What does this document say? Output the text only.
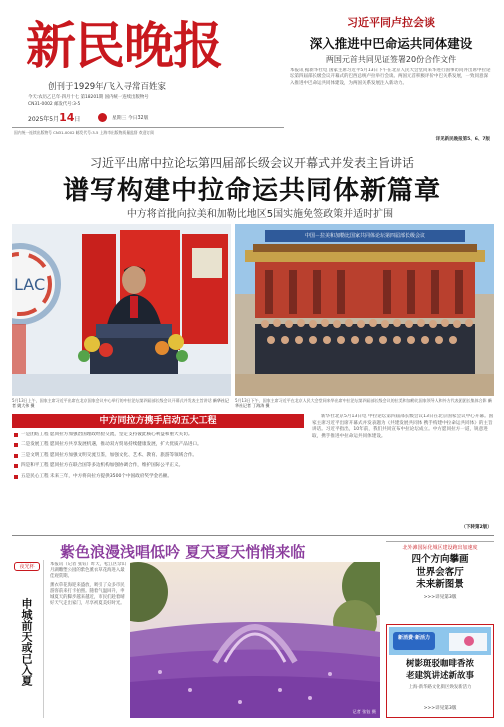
新民晚报
创刊于1929年/飞入寻常百姓家
今天:农历乙巳年·四月十七 第18201期 国内统一连续出版物号
CN31-0002 邮发代号:3-5
2025年5月14日	星期三 今日32版
国内统一连续出版物号 CN31-0002 邮发代号:3-5 上海市出版物质量监督 欢迎订阅
习近平同卢拉会谈
深入推进中巴命运共同体建设
两国元首共同见证签署20份合作文件
本报讯 据新华社电 国家主席习近平5月13日下午在北京人民大会堂同来华进行国事访问并出席中拉论坛第四届部长级会议开幕式的巴西总统卢拉举行会谈。两国元首积极评价中巴关系发展，一致同意深入推进中巴命运共同体建设，为两国关系发展注入新动力。
详见新民晚报第5、6、7版
习近平出席中拉论坛第四届部长级会议开幕式并发表主旨讲话
谱写构建中拉命运共同体新篇章
中方将首批向拉美和加勒比地区5国实施免签政策并适时扩围
LAC
中国－拉美和加勒比国家共同体论坛第四届部长级会议
5月13日上午，国家主席习近平出席在北京国家会议中心举行的中拉论坛第四届部长级会议开幕式并发表主旨讲话 新华社记者 姚大伟 摄
5月13日下午，国家主席习近平在北京人民大会堂同来华出席中拉论坛第四届部长级会议的拉美和加勒比国家领导人和外方代表团团长集体合影 新华社记者 丁海涛 摄
中方同拉方携手启动五大工程
一是团结工程 愿同拉方加强治国理政经验交流，坚定支持彼此核心利益和重大关切。
二是发展工程 愿同拉方共享发展机遇，推动双方贸易持续健康发展，扩大优质产品进口。
三是文明工程 愿同拉方加强文明交流互鉴，加强文化、艺术、教育、旅游等领域合作。
四是和平工程 愿同拉方在联合国等多边机构加强协调合作，维护国际公平正义。
五是民心工程 未来三年，中方将向拉方提供3500个中国政府奖学金名额。
新华社北京5月13日电 中拉论坛第四届部长级会议13日在北京国家会议中心开幕。国家主席习近平出席开幕式并发表题为《共建发展共同体 携手构建中拉命运共同体》的主旨讲话。习近平指出，10年前，我们共同宣布中拉论坛成立。中方愿同拉方一道，锐意进取，携手推进中拉命运共同体建设。
（下转第2版）
紫色浪漫浅唱低吟 夏天夏天悄悄来临
夜光杯
申城前天或已入夏
本报讯（记者 张钰）昨天，松江区佘山月湖雕塑公园的紫色薰衣草花海进入最佳观赏期。
薰衣草花海迎来盛放，吸引了众多市民游客前来打卡拍照。随着气温回升，申城夏天的脚步越来越近，市民们趁着晴好天气走出家门，尽享初夏美好时光。
记者 张钰 摄
北外滩国际化城区建设跑出加速度
四个方向攀画
世界会客厅
未来新图景
>>>详见第3版
新消费·新活力
树影斑驳咖啡香浓
老建筑讲述新故事
上海·新华路文化街区焕发新活力
>>>详见第3版
